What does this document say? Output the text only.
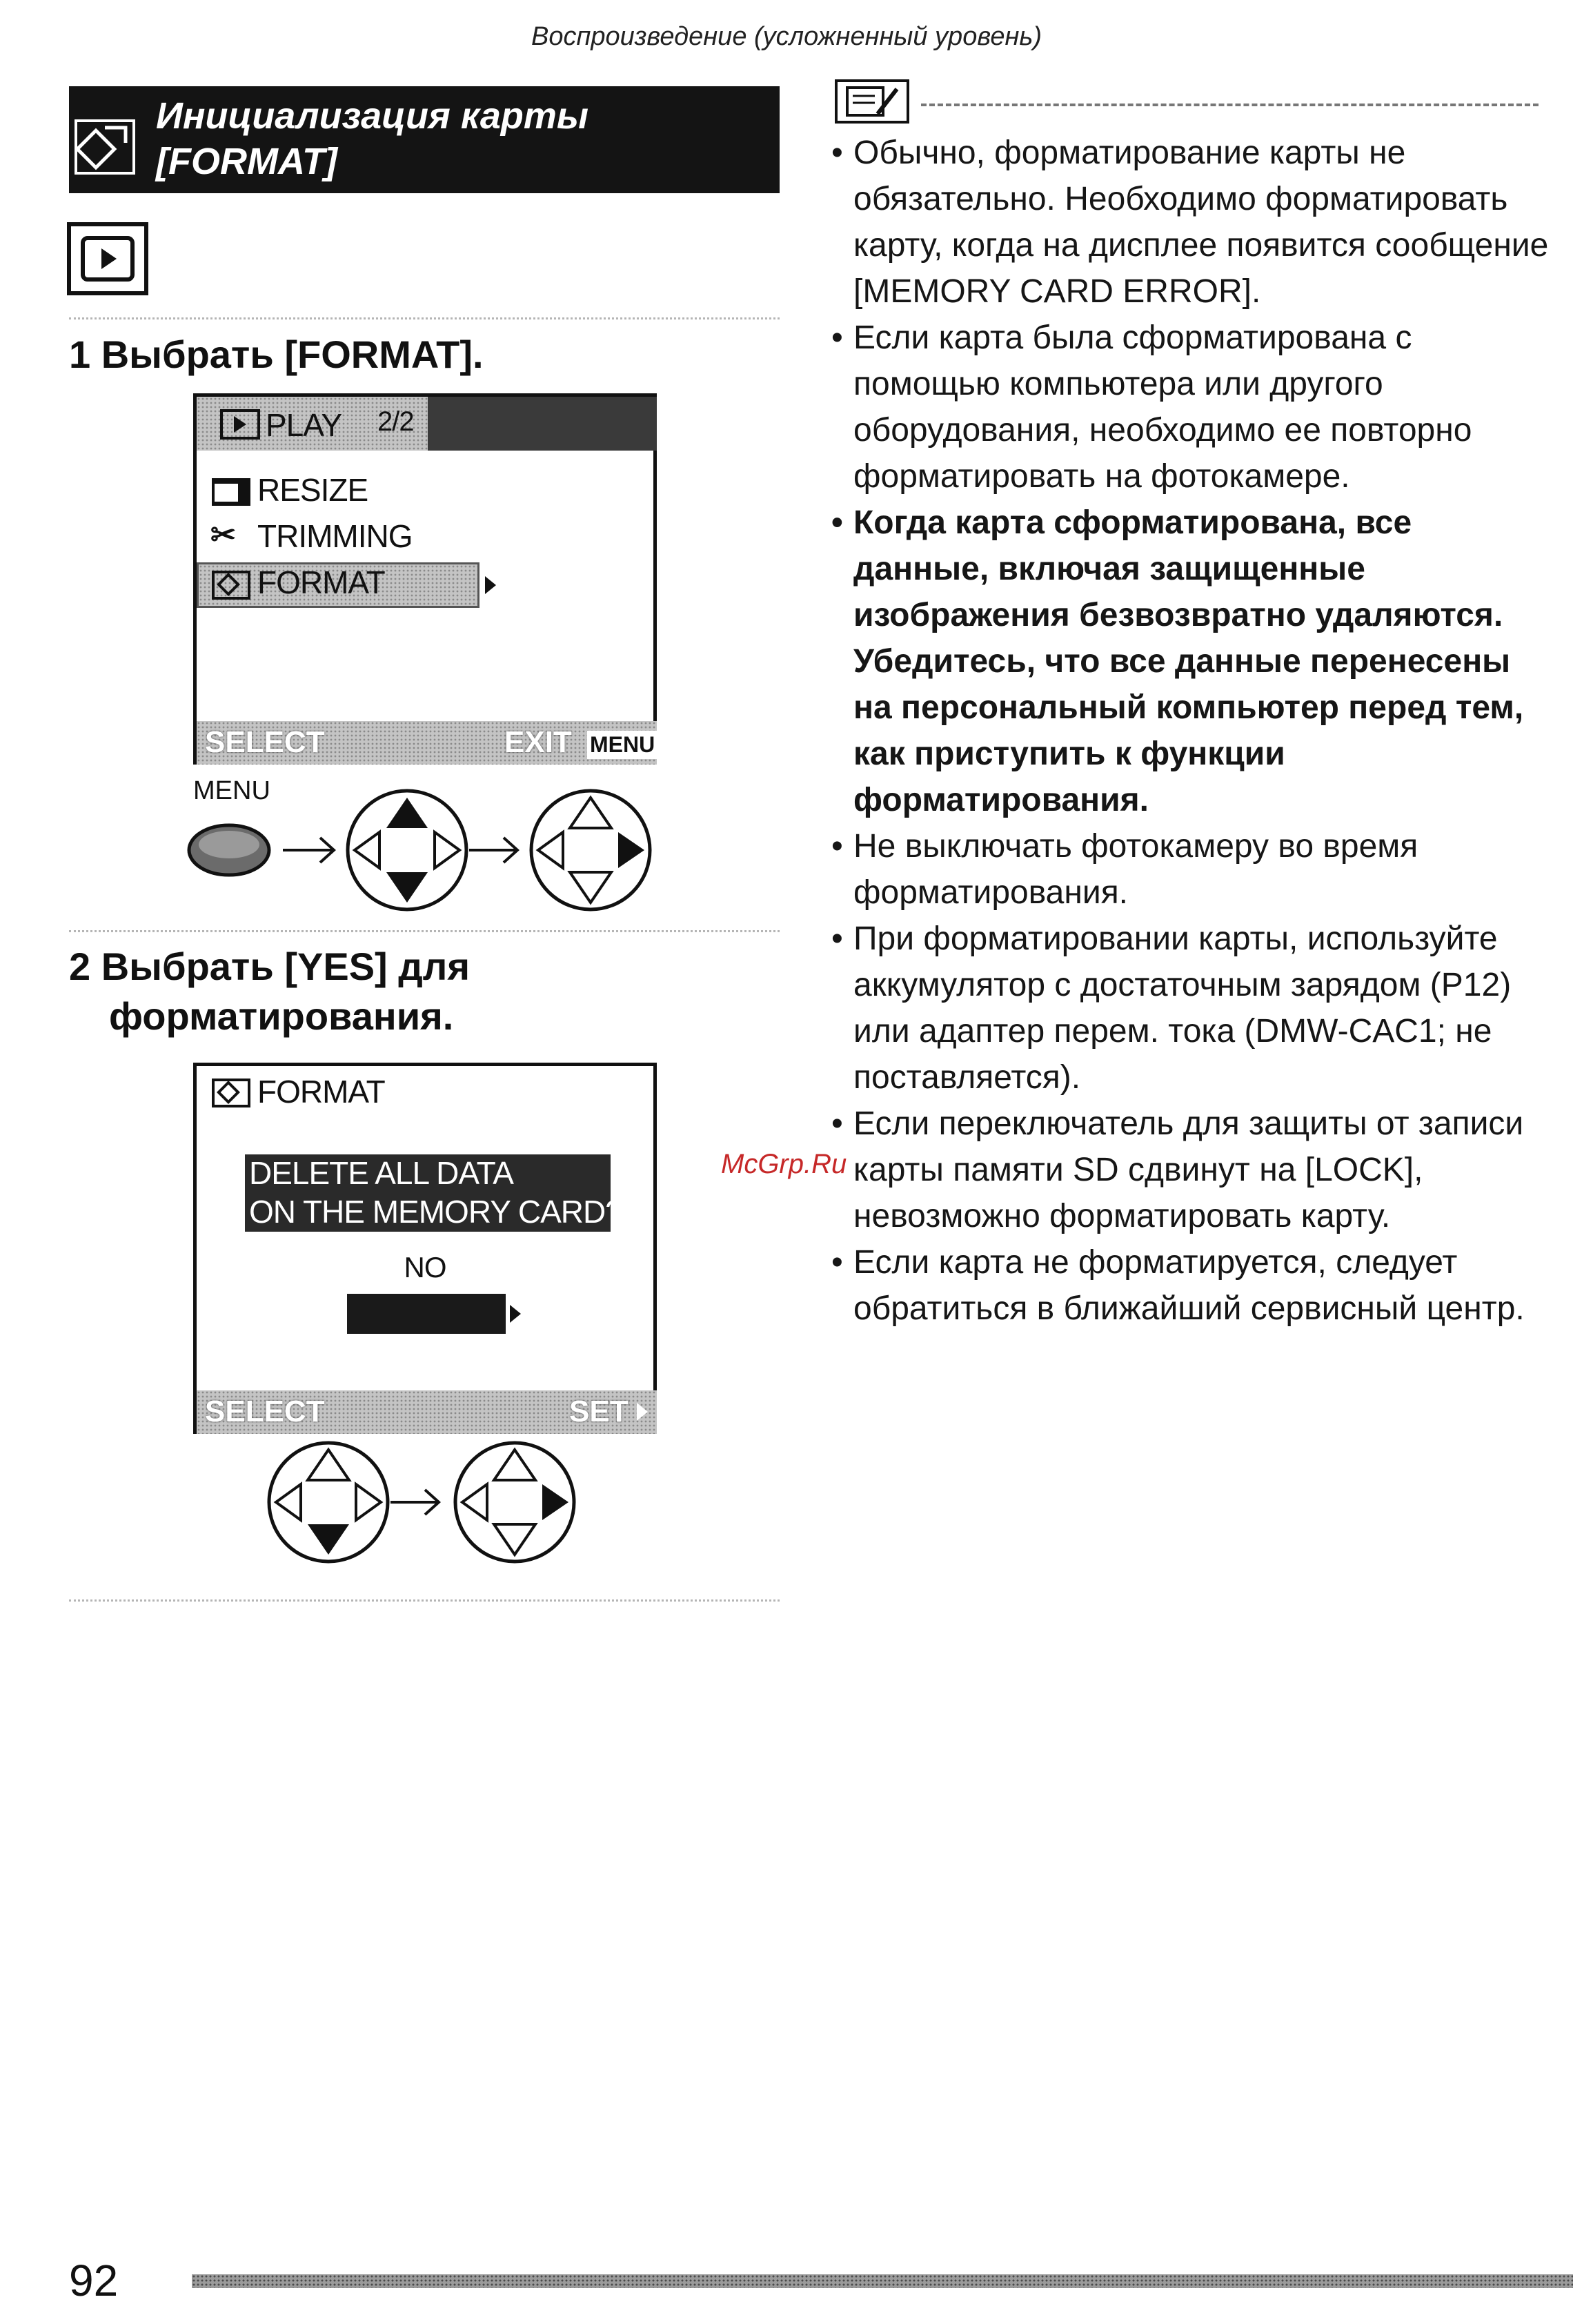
Воспроизведение (усложненный уровень)
Инициализация карты
[FORMAT]
1 Выбрать [FORMAT].
PLAY 2/2
RESIZE
✂ TRIMMING
FORMAT
SELECT	EXIT MENU
MENU
2 Выбрать [YES] для
форматирования.
FORMAT
DELETE ALL DATA
ON THE MEMORY CARD?
NO
SELECT	SET
• Обычно, форматирование карты не обязательно. Необходимо форматировать карту, когда на дисплее появится сообщение [MEMORY CARD ERROR].
• Если карта была сформатирована с помощью компьютера или другого оборудования, необходимо ее повторно форматировать на фотокамере.
• Когда карта сформатирована, все данные, включая защищенные изображения безвозвратно удаляются. Убедитесь, что все данные перенесены на персональный компьютер перед тем, как приступить к функции форматирования.
• Не выключать фотокамеру во время форматирования.
• При форматировании карты, используйте аккумулятор с достаточным зарядом (P12) или адаптер перем. тока (DMW-CAC1; не поставляется).
• Если переключатель для защиты от записи карты памяти SD сдвинут на [LOCK], невозможно форматировать карту.
• Если карта не форматируется, следует обратиться в ближайший сервисный центр.
McGrp.Ru
92
